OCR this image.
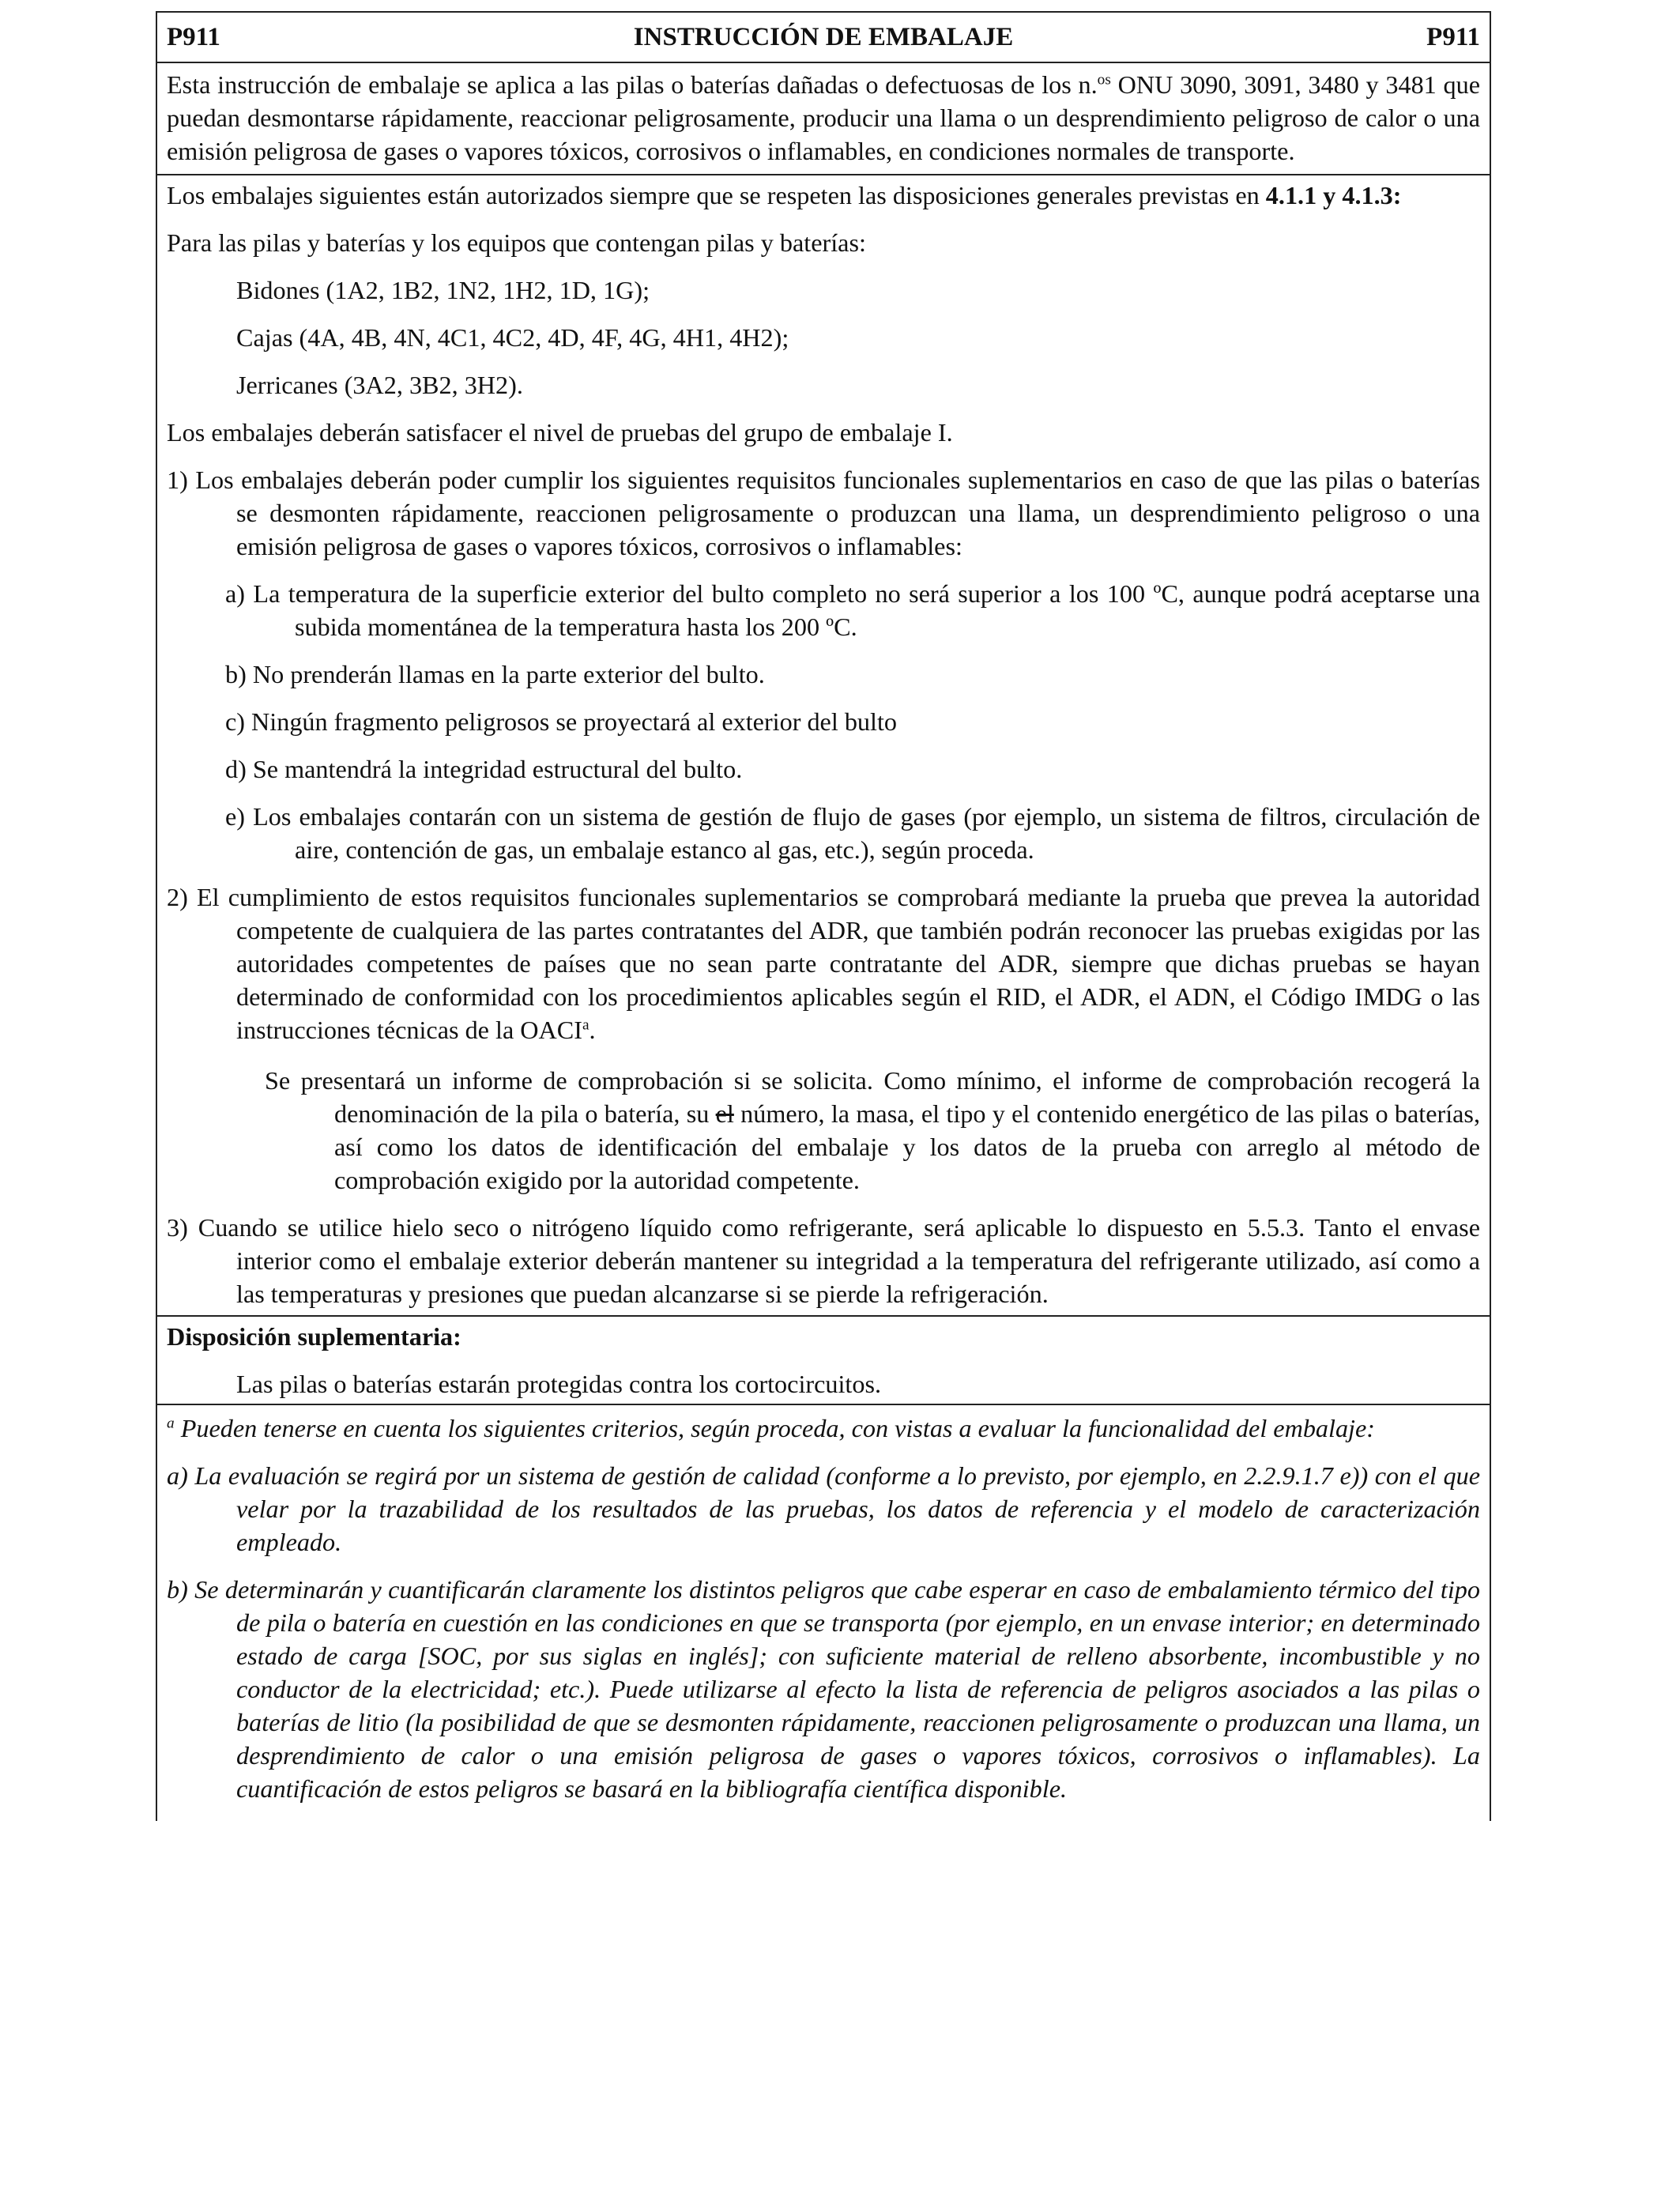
P911	INSTRUCCIÓN DE EMBALAJE	P911

Esta instrucción de embalaje se aplica a las pilas o baterías dañadas o defectuosas de los n.$^{os}$ ONU 3090, 3091, 3480 y 3481 que puedan desmontarse rápidamente, reaccionar peligrosamente, producir una llama o un desprendimiento peligroso de calor o una emisión peligrosa de gases o vapores tóxicos, corrosivos o inflamables, en condiciones normales de transporte.

Los embalajes siguientes están autorizados siempre que se respeten las disposiciones generales previstas en 4.1.1 y 4.1.3:

Para las pilas y baterías y los equipos que contengan pilas y baterías:

Bidones (1A2, 1B2, 1N2, 1H2, 1D, 1G);

Cajas (4A, 4B, 4N, 4C1, 4C2, 4D, 4F, 4G, 4H1, 4H2);

Jerricanes (3A2, 3B2, 3H2).

Los embalajes deberán satisfacer el nivel de pruebas del grupo de embalaje I.

1) Los embalajes deberán poder cumplir los siguientes requisitos funcionales suplementarios en caso de que las pilas o baterías se desmonten rápidamente, reaccionen peligrosamente o produzcan una llama, un desprendimiento peligroso o una emisión peligrosa de gases o vapores tóxicos, corrosivos o inflamables:

a) La temperatura de la superficie exterior del bulto completo no será superior a los 100 ºC, aunque podrá aceptarse una subida momentánea de la temperatura hasta los 200 ºC.

b) No prenderán llamas en la parte exterior del bulto.

c) Ningún fragmento peligrosos se proyectará al exterior del bulto

d) Se mantendrá la integridad estructural del bulto.

e) Los embalajes contarán con un sistema de gestión de flujo de gases (por ejemplo, un sistema de filtros, circulación de aire, contención de gas, un embalaje estanco al gas, etc.), según proceda.

2) El cumplimiento de estos requisitos funcionales suplementarios se comprobará mediante la prueba que prevea la autoridad competente de cualquiera de las partes contratantes del ADR, que también podrán reconocer las pruebas exigidas por las autoridades competentes de países que no sean parte contratante del ADR, siempre que dichas pruebas se hayan determinado de conformidad con los procedimientos aplicables según el RID, el ADR, el ADN, el Código IMDG o las instrucciones técnicas de la OACI$^a$.

Se presentará un informe de comprobación si se solicita. Como mínimo, el informe de comprobación recogerá la denominación de la pila o batería, su el número, la masa, el tipo y el contenido energético de las pilas o baterías, así como los datos de identificación del embalaje y los datos de la prueba con arreglo al método de comprobación exigido por la autoridad competente.

3) Cuando se utilice hielo seco o nitrógeno líquido como refrigerante, será aplicable lo dispuesto en 5.5.3. Tanto el envase interior como el embalaje exterior deberán mantener su integridad a la temperatura del refrigerante utilizado, así como a las temperaturas y presiones que puedan alcanzarse si se pierde la refrigeración.

Disposición suplementaria:

Las pilas o baterías estarán protegidas contra los cortocircuitos.

$^a$ Pueden tenerse en cuenta los siguientes criterios, según proceda, con vistas a evaluar la funcionalidad del embalaje:

a) La evaluación se regirá por un sistema de gestión de calidad (conforme a lo previsto, por ejemplo, en 2.2.9.1.7 e)) con el que velar por la trazabilidad de los resultados de las pruebas, los datos de referencia y el modelo de caracterización empleado.

b) Se determinarán y cuantificarán claramente los distintos peligros que cabe esperar en caso de embalamiento térmico del tipo de pila o batería en cuestión en las condiciones en que se transporta (por ejemplo, en un envase interior; en determinado estado de carga [SOC, por sus siglas en inglés]; con suficiente material de relleno absorbente, incombustible y no conductor de la electricidad; etc.). Puede utilizarse al efecto la lista de referencia de peligros asociados a las pilas o baterías de litio (la posibilidad de que se desmonten rápidamente, reaccionen peligrosamente o produzcan una llama, un desprendimiento de calor o una emisión peligrosa de gases o vapores tóxicos, corrosivos o inflamables). La cuantificación de estos peligros se basará en la bibliografía científica disponible.
